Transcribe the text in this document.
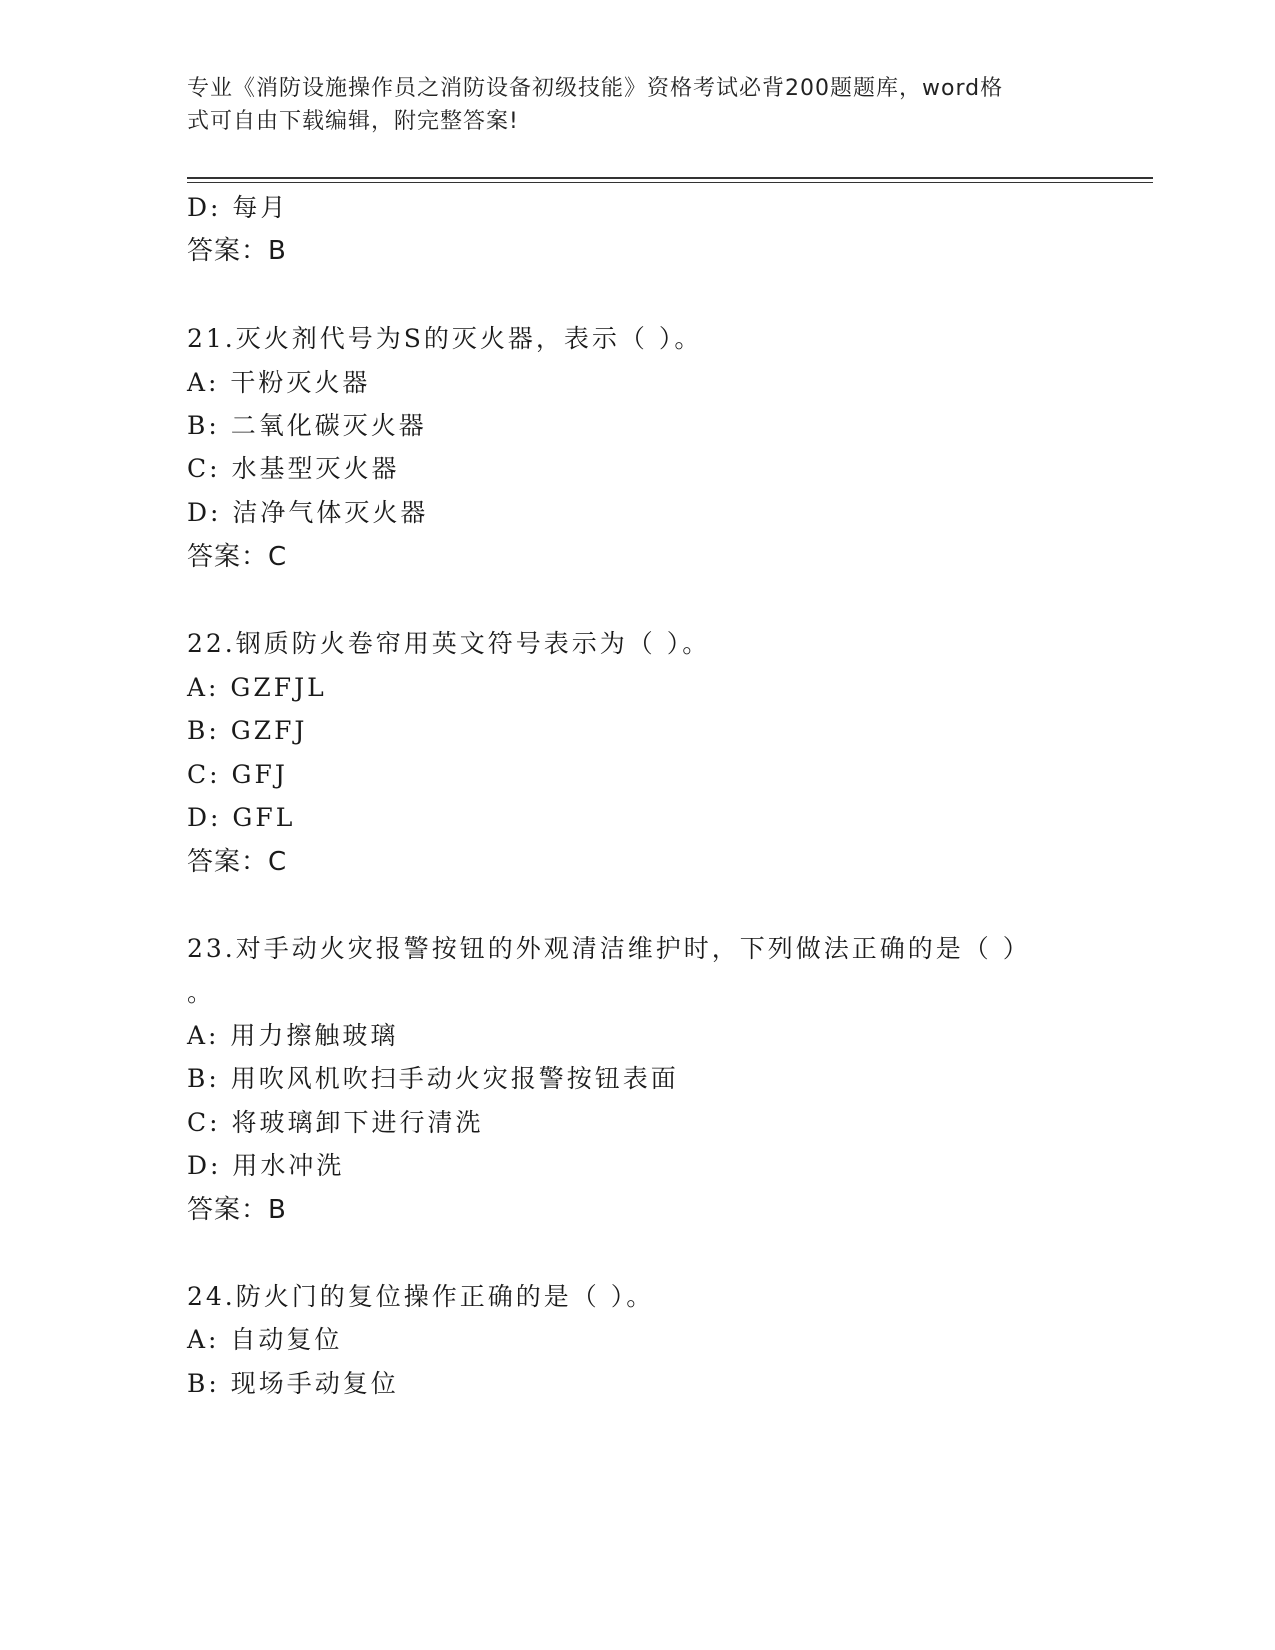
专业《消防设施操作员之消防设备初级技能》资格考试必背200题题库，word格
式可自由下载编辑，附完整答案!
D: 每月
答案：B
21.灭火剂代号为S的灭火器，表示（ ）。
A: 干粉灭火器
B: 二氧化碳灭火器
C: 水基型灭火器
D: 洁净气体灭火器
答案：C
22.钢质防火卷帘用英文符号表示为（ ）。
A: GZFJL
B: GZFJ
C: GFJ
D: GFL
答案：C
23.对手动火灾报警按钮的外观清洁维护时，下列做法正确的是（ ）
。
A: 用力擦触玻璃
B: 用吹风机吹扫手动火灾报警按钮表面
C: 将玻璃卸下进行清洗
D: 用水冲洗
答案：B
24.防火门的复位操作正确的是（ ）。
A: 自动复位
B: 现场手动复位
